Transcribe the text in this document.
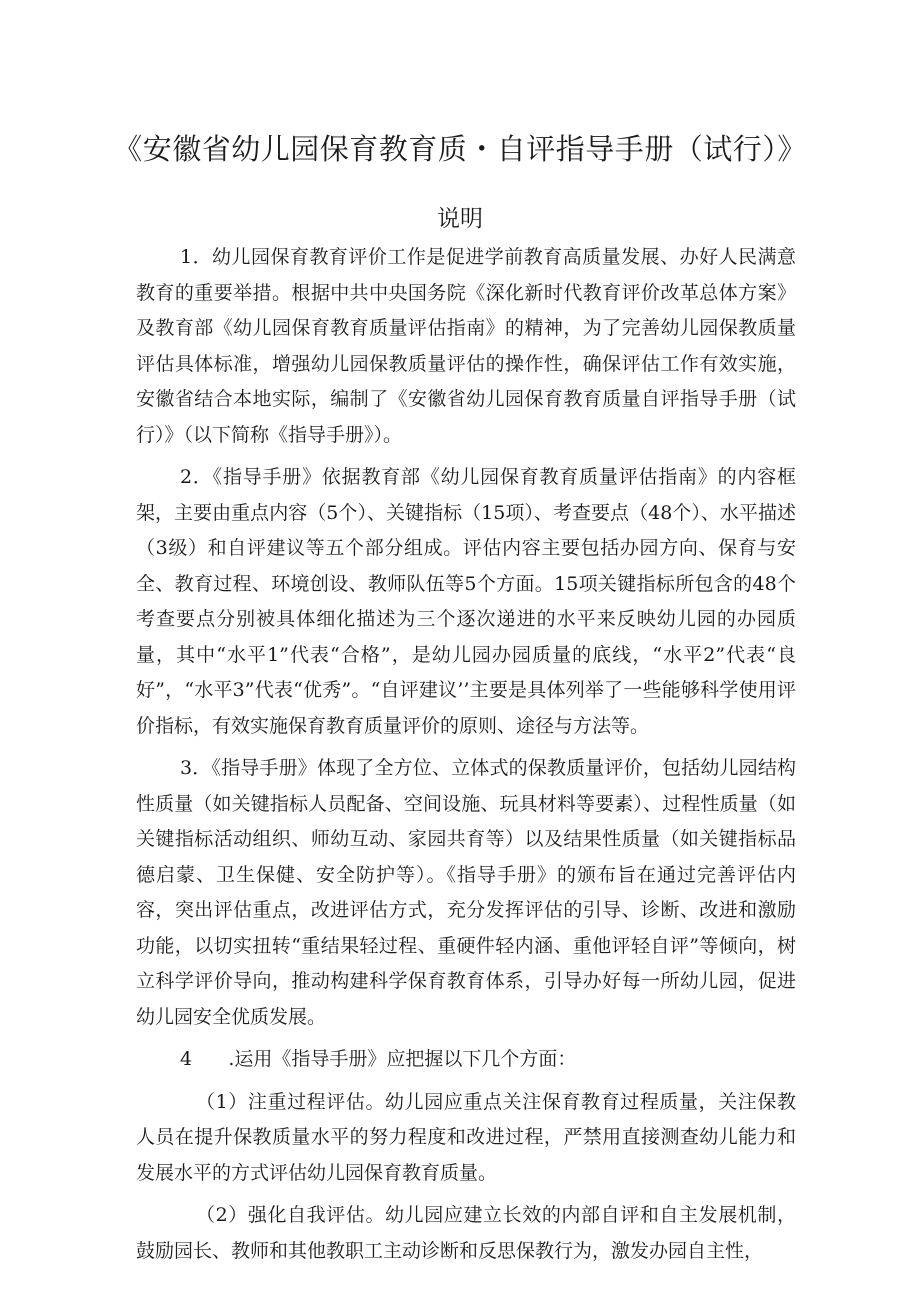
《安徽省幼儿园保育教育质・自评指导手册（试行）》
说明

1．幼儿园保育教育评价工作是促进学前教育高质量发展、办好人民满意教育的重要举措。根据中共中央国务院《深化新时代教育评价改革总体方案》及教育部《幼儿园保育教育质量评估指南》的精神，为了完善幼儿园保教质量评估具体标准，增强幼儿园保教质量评估的操作性，确保评估工作有效实施，安徽省结合本地实际，编制了《安徽省幼儿园保育教育质量自评指导手册（试行）》（以下简称《指导手册》）。

2．《指导手册》依据教育部《幼儿园保育教育质量评估指南》的内容框架，主要由重点内容（5个）、关键指标（15项）、考查要点（48个）、水平描述（3级）和自评建议等五个部分组成。评估内容主要包括办园方向、保育与安全、教育过程、环境创设、教师队伍等5个方面。15项关键指标所包含的48个考查要点分别被具体细化描述为三个逐次递进的水平来反映幼儿园的办园质量，其中“水平1”代表“合格”，是幼儿园办园质量的底线，“水平2”代表“良好”，“水平3”代表“优秀”。“自评建议’’主要是具体列举了一些能够科学使用评价指标，有效实施保育教育质量评价的原则、途径与方法等。

3．《指导手册》体现了全方位、立体式的保教质量评价，包括幼儿园结构性质量（如关键指标人员配备、空间设施、玩具材料等要素）、过程性质量（如关键指标活动组织、师幼互动、家园共育等）以及结果性质量（如关键指标品德启蒙、卫生保健、安全防护等）。《指导手册》的颁布旨在通过完善评估内容，突出评估重点，改进评估方式，充分发挥评估的引导、诊断、改进和激励功能，以切实扭转“重结果轻过程、重硬件轻内涵、重他评轻自评”等倾向，树立科学评价导向，推动构建科学保育教育体系，引导办好每一所幼儿园，促进幼儿园安全优质发展。

4      .运用《指导手册》应把握以下几个方面：

（1）注重过程评估。幼儿园应重点关注保育教育过程质量，关注保教人员在提升保教质量水平的努力程度和改进过程，严禁用直接测查幼儿能力和发展水平的方式评估幼儿园保育教育质量。

（2）强化自我评估。幼儿园应建立长效的内部自评和自主发展机制，鼓励园长、教师和其他教职工主动诊断和反思保教行为，激发办园自主性，
